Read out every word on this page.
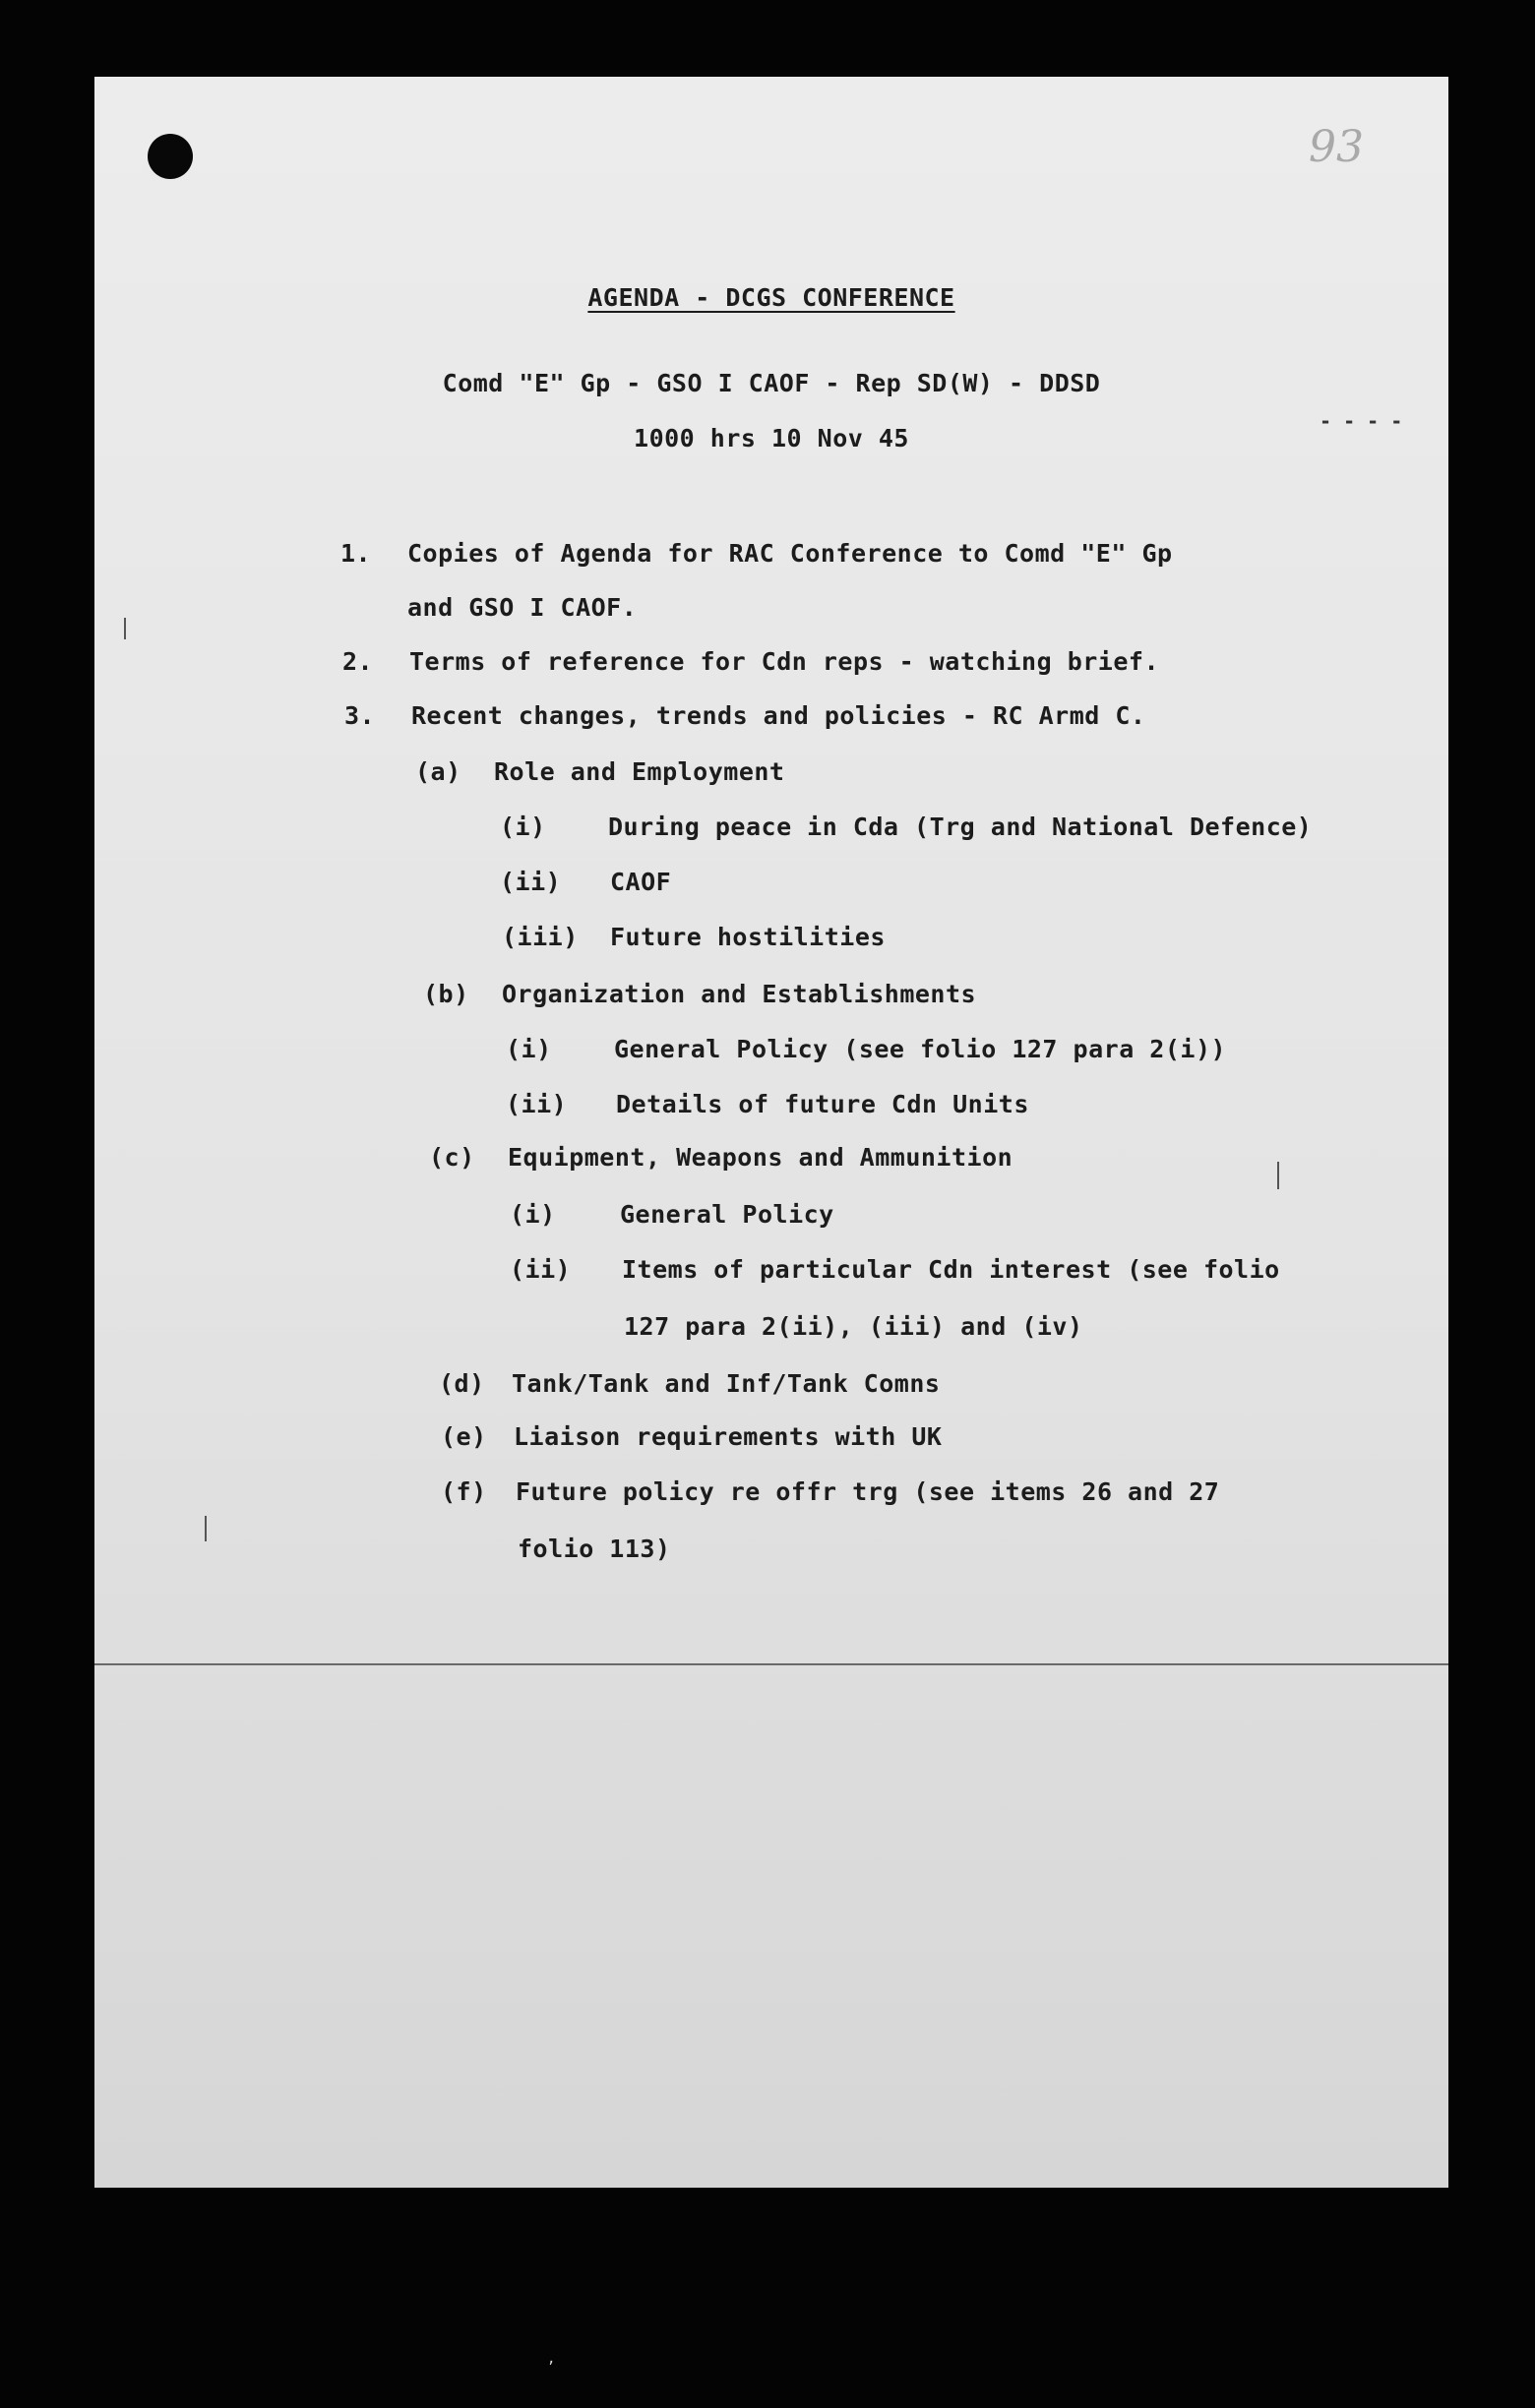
93
AGENDA - DCGS CONFERENCE
Comd "E" Gp - GSO I CAOF - Rep SD(W) - DDSD
1000 hrs 10 Nov 45
- - - -
1. Copies of Agenda for RAC Conference to Comd "E" Gp
and GSO I CAOF.
2. Terms of reference for Cdn reps - watching brief.
3. Recent changes, trends and policies - RC Armd C.
(a) Role and Employment
(i)	During peace in Cda (Trg and National Defence)
(ii) CAOF
(iii) Future hostilities
(b) Organization and Establishments
(i)	General Policy (see folio 127 para 2(i))
(ii) Details of future Cdn Units
(c) Equipment, Weapons and Ammunition
(i)	General Policy
(ii) Items of particular Cdn interest (see folio
127 para 2(ii), (iii) and (iv)
(d) Tank/Tank and Inf/Tank Comns
(e) Liaison requirements with UK
(f) Future policy re offr trg (see items 26 and 27
folio 113)
,
